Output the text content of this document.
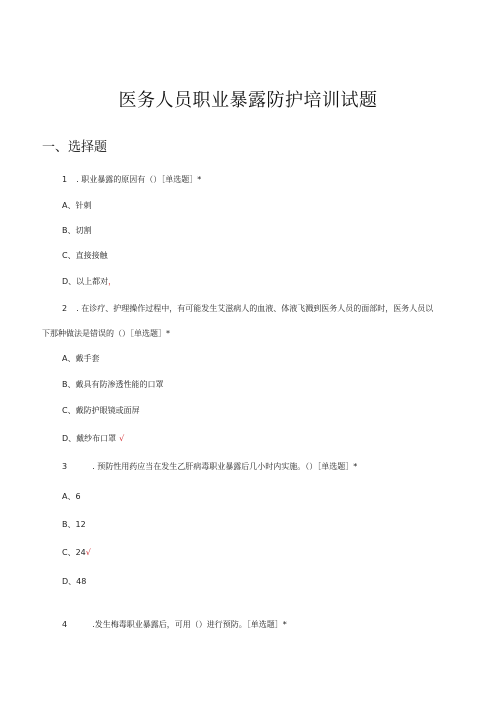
医务人员职业暴露防护培训试题
一、选择题
1 . 职业暴露的原因有（）［单选题］*
A、针刺
B、切割
C、直接接触
D、以上都对，
2 . 在诊疗、护理操作过程中，有可能发生艾滋病人的血液、体液飞溅到医务人员的面部时，医务人员以
下那种做法是错误的（）［单选题］*
A、戴手套
B、戴具有防渗透性能的口罩
C、戴防护眼镜或面屏
D、戴纱布口罩 √
3	. 预防性用药应当在发生乙肝病毒职业暴露后几小时内实施。（）［单选题］*
A、6
B、12
C、24√
D、48
4	.发生梅毒职业暴露后，可用（）进行预防。［单选题］*
